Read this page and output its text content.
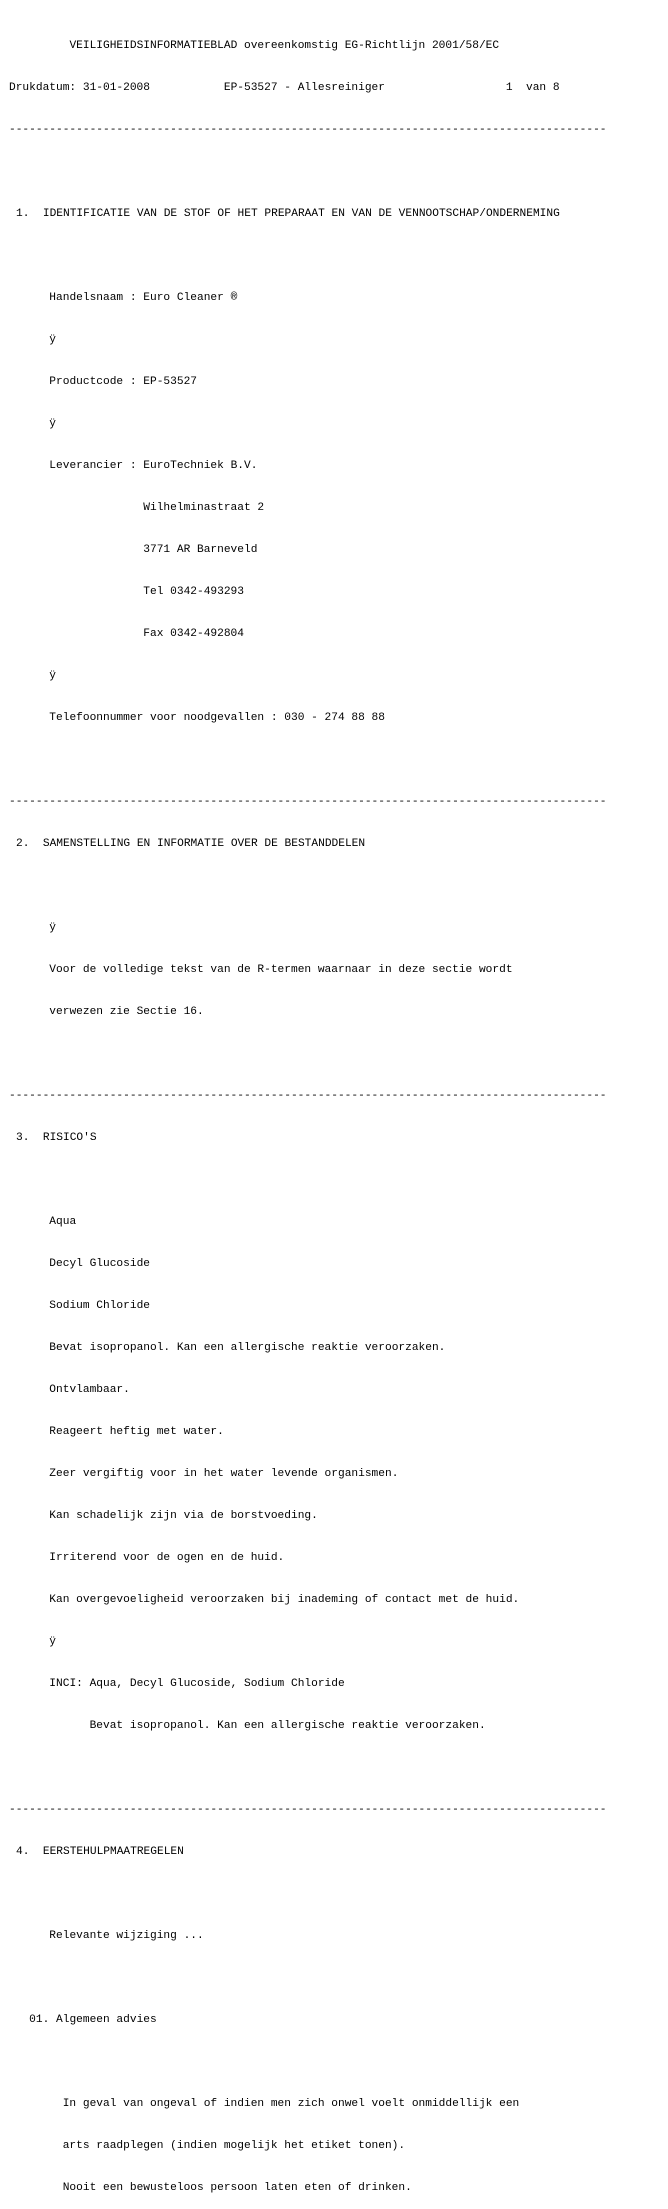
VEILIGHEIDSINFORMATIEBLAD overeenkomstig EG-Richtlijn 2001/58/EC

Drukdatum: 31-01-2008	EP-53527 - Allesreiniger	1  van 8

-----------------------------------------------------------------------------------------

1.  IDENTIFICATIE VAN DE STOF OF HET PREPARAAT EN VAN DE VENNOOTSCHAP/ONDERNEMING

Handelsnaam : Euro Cleaner ®

ÿ

Productcode : EP-53527

ÿ

Leverancier : EuroTechniek B.V.

Wilhelminastraat 2

3771 AR Barneveld

Tel 0342-493293

Fax 0342-492804

ÿ

Telefoonnummer voor noodgevallen : 030 - 274 88 88

-----------------------------------------------------------------------------------------

2.  SAMENSTELLING EN INFORMATIE OVER DE BESTANDDELEN

ÿ

Voor de volledige tekst van de R-termen waarnaar in deze sectie wordt

verwezen zie Sectie 16.

-----------------------------------------------------------------------------------------

3.  RISICO'S

Aqua

Decyl Glucoside

Sodium Chloride

Bevat isopropanol. Kan een allergische reaktie veroorzaken.

Ontvlambaar.

Reageert heftig met water.

Zeer vergiftig voor in het water levende organismen.

Kan schadelijk zijn via de borstvoeding.

Irriterend voor de ogen en de huid.

Kan overgevoeligheid veroorzaken bij inademing of contact met de huid.

ÿ

INCI: Aqua, Decyl Glucoside, Sodium Chloride

Bevat isopropanol. Kan een allergische reaktie veroorzaken.

-----------------------------------------------------------------------------------------

4.  EERSTEHULPMAATREGELEN

Relevante wijziging ...

01. Algemeen advies

In geval van ongeval of indien men zich onwel voelt onmiddellijk een

arts raadplegen (indien mogelijk het etiket tonen).

Nooit een bewusteloos persoon laten eten of drinken.
